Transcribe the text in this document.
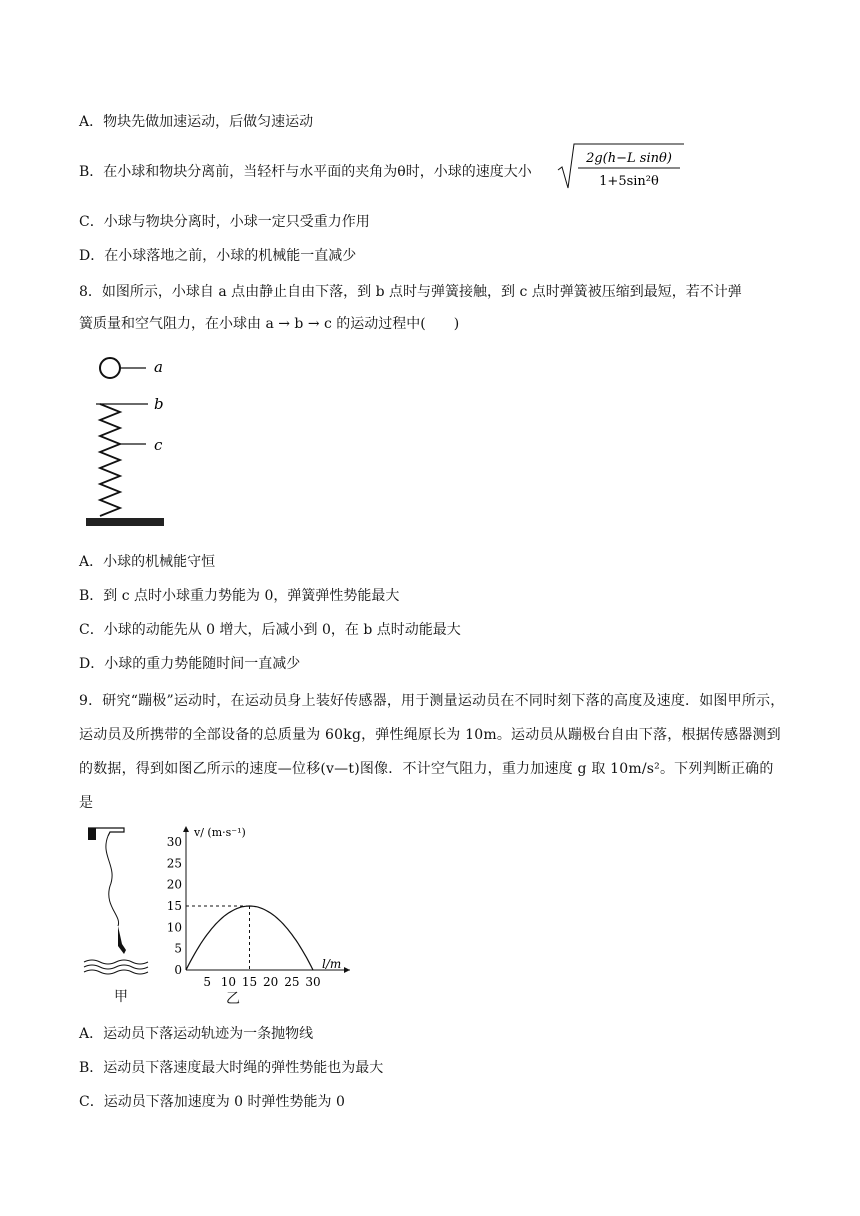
A．物块先做加速运动，后做匀速运动
B．在小球和物块分离前，当轻杆与水平面的夹角为θ时，小球的速度大小
2g(h−L sinθ)
1+5sin²θ
C．小球与物块分离时，小球一定只受重力作用
D．在小球落地之前，小球的机械能一直减少
8．如图所示，小球自 a 点由静止自由下落，到 b 点时与弹簧接触，到 c 点时弹簧被压缩到最短，若不计弹
簧质量和空气阻力，在小球由 a → b → c 的运动过程中(　　)
a
b
c
A．小球的机械能守恒
B．到 c 点时小球重力势能为 0，弹簧弹性势能最大
C．小球的动能先从 0 增大，后减小到 0，在 b 点时动能最大
D．小球的重力势能随时间一直减少
9．研究“蹦极”运动时，在运动员身上装好传感器，用于测量运动员在不同时刻下落的高度及速度．如图甲所示，运动员及所携带的全部设备的总质量为 60kg，弹性绳原长为 10m。运动员从蹦极台自由下落，根据传感器测到的数据，得到如图乙所示的速度—位移(v—t)图像．不计空气阻力，重力加速度 g 取 10m/s²。下列判断正确的是
甲
v/ (m·s⁻¹)
l/m
30
25
20
15
10
5
0
5 10 15 20 25 30
乙
A．运动员下落运动轨迹为一条抛物线
B．运动员下落速度最大时绳的弹性势能也为最大
C．运动员下落加速度为 0 时弹性势能为 0
